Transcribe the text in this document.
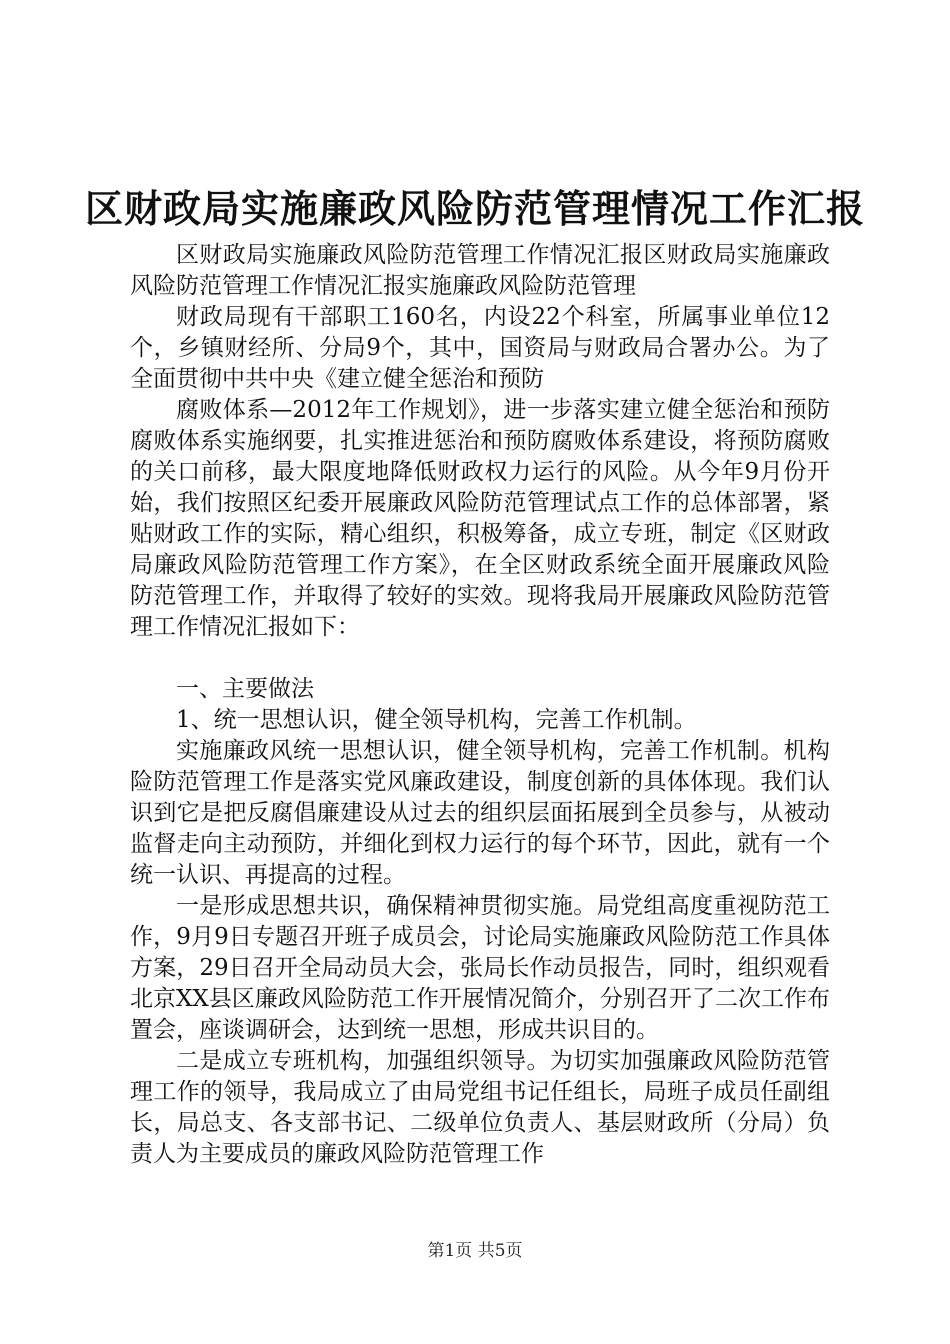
区财政局实施廉政风险防范管理情况工作汇报

区财政局实施廉政风险防范管理工作情况汇报区财政局实施廉政风险防范管理工作情况汇报实施廉政风险防范管理

财政局现有干部职工160名，内设22个科室，所属事业单位12个，乡镇财经所、分局9个，其中，国资局与财政局合署办公。为了全面贯彻中共中央《建立健全惩治和预防

腐败体系—2012年工作规划》，进一步落实建立健全惩治和预防腐败体系实施纲要，扎实推进惩治和预防腐败体系建设，将预防腐败的关口前移，最大限度地降低财政权力运行的风险。从今年9月份开始，我们按照区纪委开展廉政风险防范管理试点工作的总体部署，紧贴财政工作的实际，精心组织，积极筹备，成立专班，制定《区财政局廉政风险防范管理工作方案》，在全区财政系统全面开展廉政风险防范管理工作，并取得了较好的实效。现将我局开展廉政风险防范管理工作情况汇报如下：

一、主要做法

1、统一思想认识，健全领导机构，完善工作机制。

实施廉政风统一思想认识，健全领导机构，完善工作机制。机构险防范管理工作是落实党风廉政建设，制度创新的具体体现。我们认识到它是把反腐倡廉建设从过去的组织层面拓展到全员参与，从被动监督走向主动预防，并细化到权力运行的每个环节，因此，就有一个统一认识、再提高的过程。

一是形成思想共识，确保精神贯彻实施。局党组高度重视防范工作，9月9日专题召开班子成员会，讨论局实施廉政风险防范工作具体方案，29日召开全局动员大会，张局长作动员报告，同时，组织观看北京XX县区廉政风险防范工作开展情况简介，分别召开了二次工作布置会，座谈调研会，达到统一思想，形成共识目的。

二是成立专班机构，加强组织领导。为切实加强廉政风险防范管理工作的领导，我局成立了由局党组书记任组长，局班子成员任副组长，局总支、各支部书记、二级单位负责人、基层财政所（分局）负责人为主要成员的廉政风险防范管理工作

第1页 共5页
